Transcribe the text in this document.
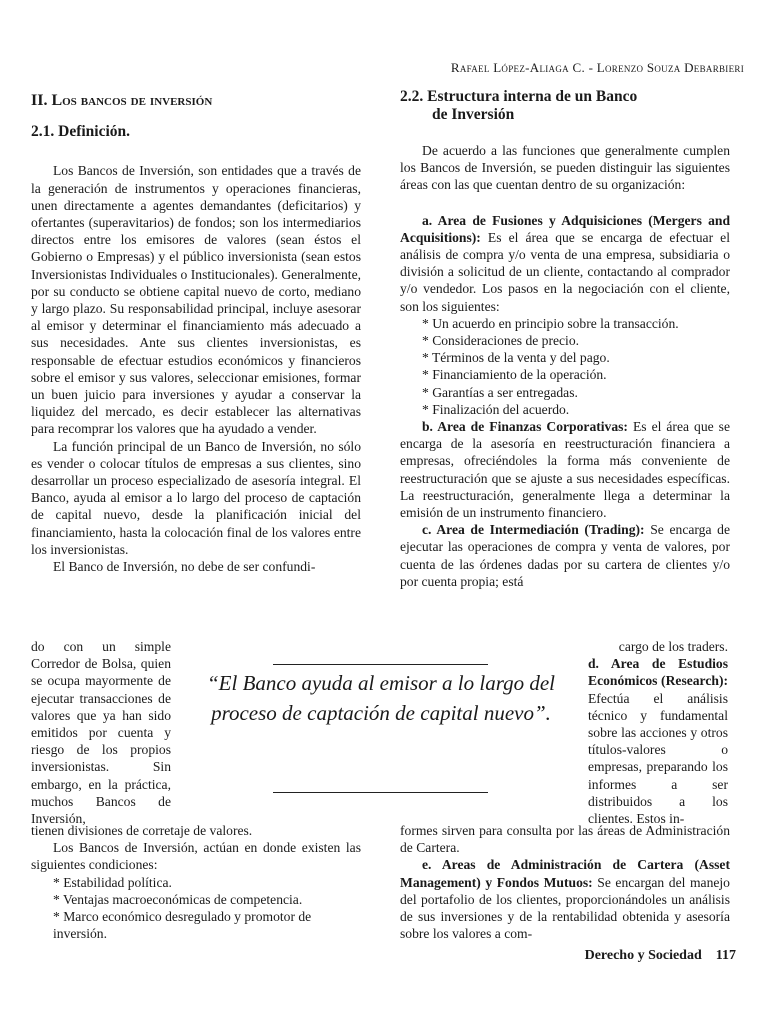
Rafael López-Aliaga C. - Lorenzo Souza Debarbieri
II. Los bancos de inversión
2.1. Definición.

Los Bancos de Inversión, son entidades que a través de la generación de instrumentos y operaciones financieras, unen directamente a agentes demandantes (deficitarios) y ofertantes (superavitarios) de fondos; son los intermediarios directos entre los emisores de valores (sean éstos el Gobierno o Empresas) y el público inversionista (sean estos Inversionistas Individuales o Institucionales). Generalmente, por su conducto se obtiene capital nuevo de corto, mediano y largo plazo. Su responsabilidad principal, incluye asesorar al emisor y determinar el financiamiento más adecuado a sus necesidades. Ante sus clientes inversionistas, es responsable de efectuar estudios económicos y financieros sobre el emisor y sus valores, seleccionar emisiones, formar un buen juicio para inversiones y ayudar a conservar la liquidez del mercado, es decir establecer las alternativas para recomprar los valores que ha ayudado a vender.

La función principal de un Banco de Inversión, no sólo es vender o colocar títulos de empresas a sus clientes, sino desarrollar un proceso especializado de asesoría integral. El Banco, ayuda al emisor a lo largo del proceso de captación de capital nuevo, desde la planificación inicial del financiamiento, hasta la colocación final de los valores entre los inversionistas.

El Banco de Inversión, no debe de ser confundi-

2.2. Estructura interna de un Banco
de Inversión

De acuerdo a las funciones que generalmente cumplen los Bancos de Inversión, se pueden distinguir las siguientes áreas con las que cuentan dentro de su organización:

a. Area de Fusiones y Adquisiciones (Mergers and Acquisitions): Es el área que se encarga de efectuar el análisis de compra y/o venta de una empresa, subsidiaria o división a solicitud de un cliente, contactando al comprador y/o vendedor. Los pasos en la negociación con el cliente, son los siguientes:

* Un acuerdo en principio sobre la transacción.
* Consideraciones de precio.
* Términos de la venta y del pago.
* Financiamiento de la operación.
* Garantías a ser entregadas.
* Finalización del acuerdo.

b. Area de Finanzas Corporativas: Es el área que se encarga de la asesoría en reestructuración financiera a empresas, ofreciéndoles la forma más conveniente de reestructuración que se ajuste a sus necesidades específicas. La reestructuración, generalmente llega a determinar la emisión de un instrumento financiero.

c. Area de Intermediación (Trading): Se encarga de ejecutar las operaciones de compra y venta de valores, por cuenta de las órdenes dadas por su cartera de clientes y/o por cuenta propia; está

do con un simple Corredor de Bolsa, quien se ocupa mayormente de ejecutar transacciones de valores que ya han sido emitidos por cuenta y riesgo de los propios inversionistas. Sin embargo, en la práctica, muchos Bancos de Inversión,

cargo de los traders.
d. Area de Estudios Económicos (Research): Efectúa el análisis técnico y fundamental sobre las acciones y otros títulos-valores o empresas, preparando los informes a ser distribuidos a los clientes. Estos in-
“El Banco ayuda al emisor a lo largo del proceso de captación de capital nuevo”.

tienen divisiones de corretaje de valores.

Los Bancos de Inversión, actúan en donde existen las siguientes condiciones:

* Estabilidad política.
* Ventajas macroeconómicas de competencia.
* Marco económico desregulado y promotor de inversión.

formes sirven para consulta por las áreas de Administración de Cartera.

e. Areas de Administración de Cartera (Asset Management) y Fondos Mutuos: Se encargan del manejo del portafolio de los clientes, proporcionándoles un análisis de sus inversiones y de la rentabilidad obtenida y asesoría sobre los valores a com-

Derecho y Sociedad 117
